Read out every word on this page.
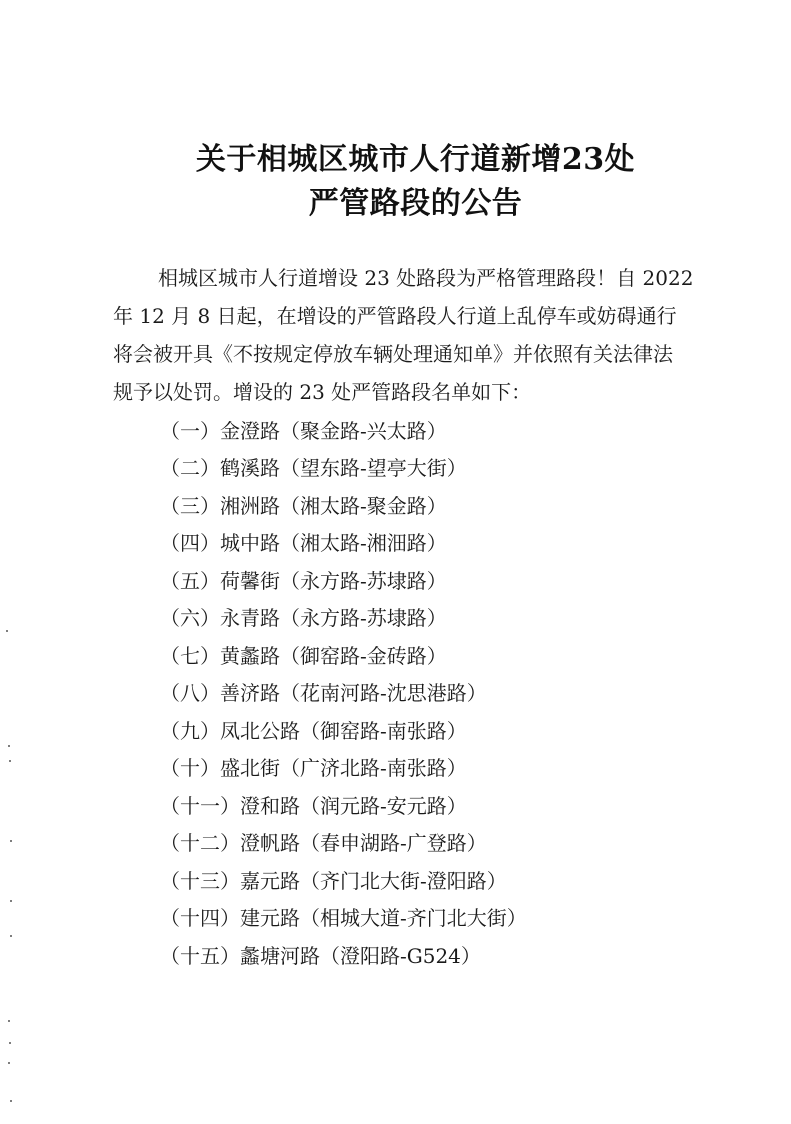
关于相城区城市人行道新增23处
严管路段的公告
相城区城市人行道增设 23 处路段为严格管理路段！自 2022
年 12 月 8 日起，在增设的严管路段人行道上乱停车或妨碍通行
将会被开具《不按规定停放车辆处理通知单》并依照有关法律法
规予以处罚。增设的 23 处严管路段名单如下：
（一）金澄路（聚金路-兴太路）
（二）鹤溪路（望东路-望亭大街）
（三）湘洲路（湘太路-聚金路）
（四）城中路（湘太路-湘沺路）
（五）荷馨街（永方路-苏埭路）
（六）永青路（永方路-苏埭路）
（七）黄蠡路（御窑路-金砖路）
（八）善济路（花南河路-沈思港路）
（九）凤北公路（御窑路-南张路）
（十）盛北街（广济北路-南张路）
（十一）澄和路（润元路-安元路）
（十二）澄帆路（春申湖路-广登路）
（十三）嘉元路（齐门北大街-澄阳路）
（十四）建元路（相城大道-齐门北大街）
（十五）蠡塘河路（澄阳路-G524）
